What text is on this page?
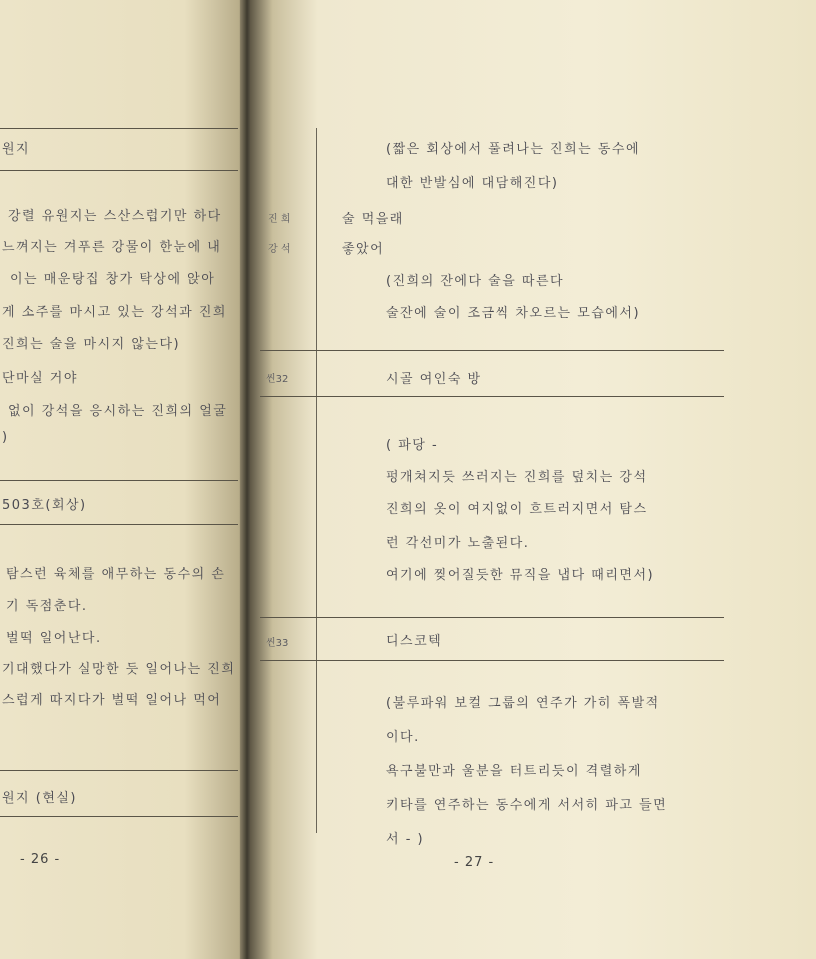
원지
강렬 유원지는 스산스럽기만 하다
느껴지는 겨푸른 강물이 한눈에 내
이는 매운탕집 창가 탁상에 앉아
게 소주를 마시고 있는 강석과 진희
진희는 술을 마시지 않는다)
단마실 거야
없이 강석을 응시하는 진희의 얼굴
)
503호(회상)
탐스런 육체를 애무하는 동수의 손
기 독점춘다.
벌떡 일어난다.
기대했다가 실망한 듯 일어나는 진희
스럽게 따지다가 벌떡 일어나 먹어
원지 (현실)
- 26 -
(짧은 회상에서 풀려나는 진희는 동수에
대한 반발심에 대담해진다)
진 희	술 먹을래
강 석	좋았어
(진희의 잔에다 술을 따른다
술잔에 술이 조금씩 차오르는 모습에서)
씬32	시골 여인숙 방
( 파당 -
펑개쳐지듯 쓰러지는 진희를 덮치는 강석
진희의 옷이 여지없이 흐트러지면서 탐스
런 각선미가 노출된다.
여기에 찢어질듯한 뮤직을 냅다 때리면서)
씬33	디스코텍
(불루파워 보컬 그룹의 연주가 가히 폭발적
이다.
욕구불만과 울분을 터트리듯이 격렬하게
키타를 연주하는 동수에게 서서히 파고 들면
서 - )
- 27 -
